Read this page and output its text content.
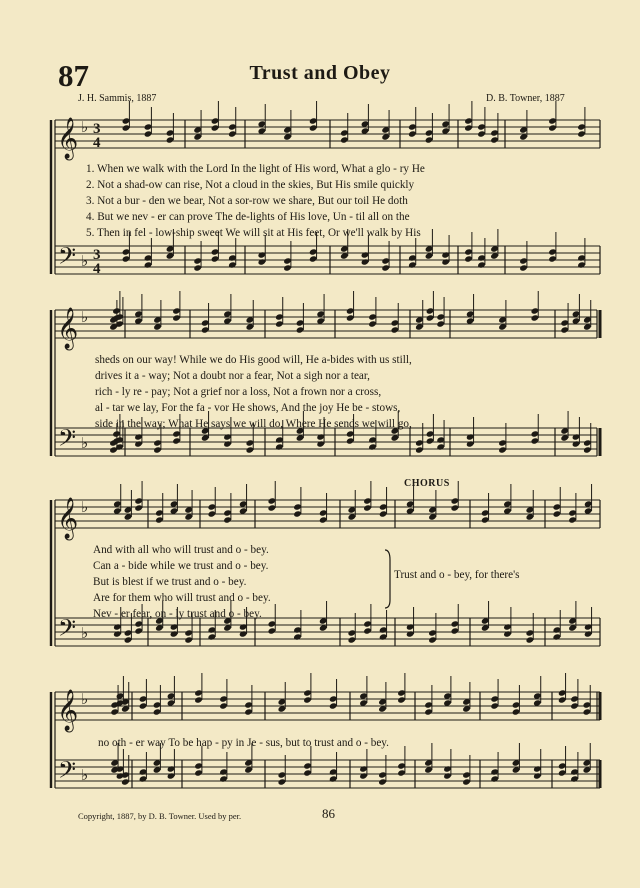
87	Trust and Obey
J. H. Sammis, 1887	D. B. Towner, 1887
𝄞
𝄢
♭
♭
3
3
4
4
𝄞
𝄢
♭
♭
𝄞
𝄢
♭
♭
𝄞
𝄢
♭
♭
1. When we walk with the Lord In the light of His word, What a glo - ry He
2. Not a shad-ow can rise, Not a cloud in the skies, But His smile quickly
3. Not a bur - den we bear, Not a sor-row we share, But our toil He doth
4. But we nev - er can prove The de-lights of His love, Un - til all on the
5. Then in fel - low-ship sweet We will sit at His feet, Or we'll walk by His
sheds on our way! While we do His good will, He a-bides with us still,
drives it a - way; Not a doubt nor a fear, Not a sigh nor a tear,
rich - ly re - pay; Not a grief nor a loss, Not a frown nor a cross,
al - tar we lay, For the fa - vor He shows, And the joy He be - stows,
side in the way; What He says we will do, Where He sends we will go,
CHORUS
And with all who will trust and o - bey.
Can a - bide while we trust and o - bey.
But is blest if we trust and o - bey.
Are for them who will trust and o - bey.
Nev - er fear, on - ly trust and o - bey.
Trust and o - bey, for there's
no oth - er way To be hap - py in Je - sus, but to trust and o - bey.
Copyright, 1887, by D. B. Towner. Used by per.	86
